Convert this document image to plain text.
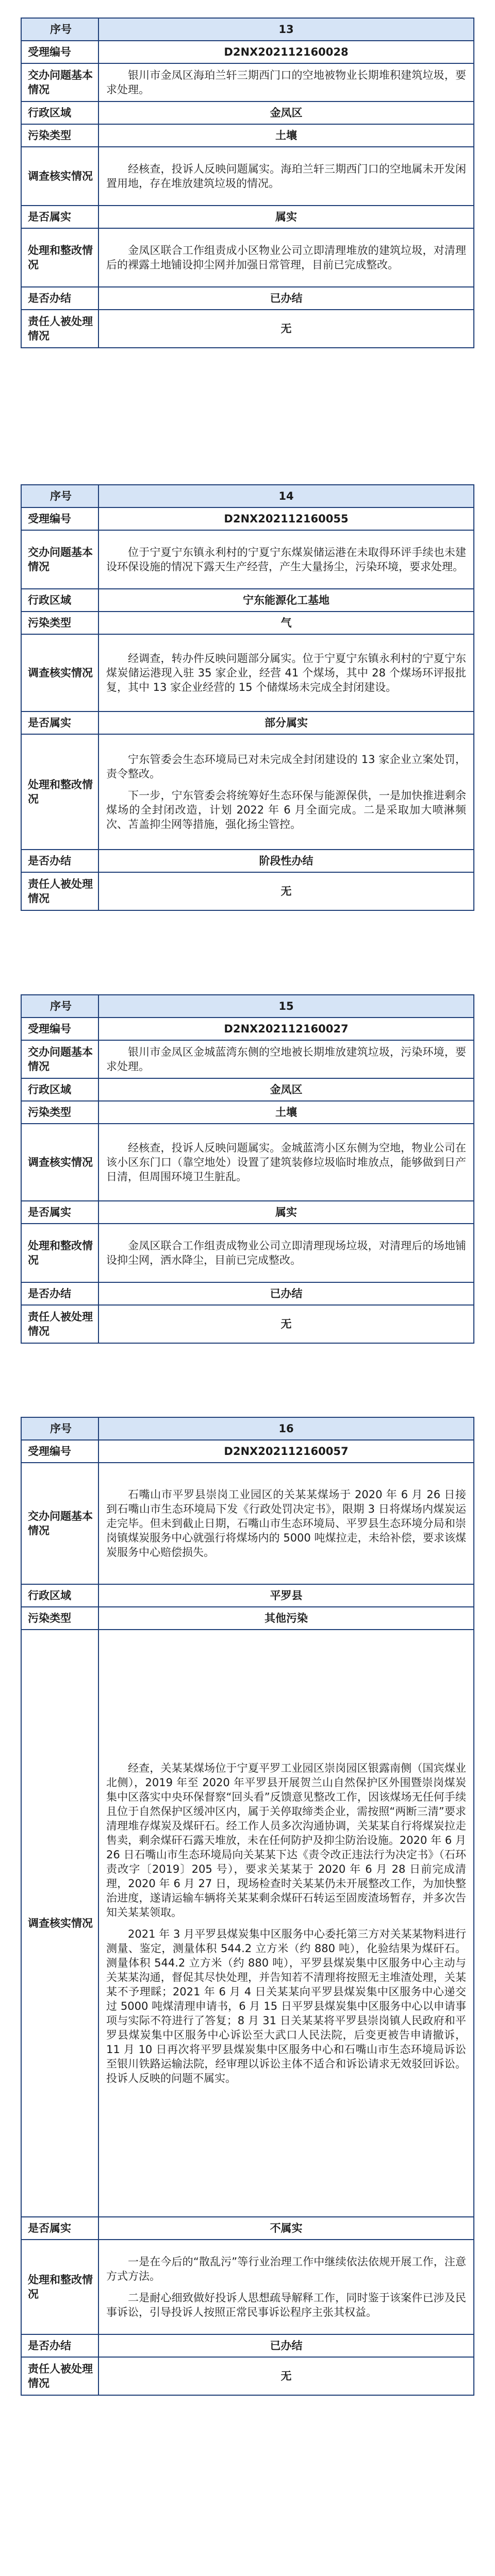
序号	13
受理编号	D2NX202112160028
交办问题基本情况	银川市金凤区海珀兰轩三期西门口的空地被物业长期堆积建筑垃圾，要求处理。
行政区域	金凤区
污染类型	土壤
调查核实情况	经核查，投诉人反映问题属实。海珀兰轩三期西门口的空地属未开发闲置用地，存在堆放建筑垃圾的情况。
是否属实	属实
处理和整改情况	金凤区联合工作组责成小区物业公司立即清理堆放的建筑垃圾，对清理后的裸露土地铺设抑尘网并加强日常管理，目前已完成整改。
是否办结	已办结
责任人被处理情况	无
序号	14
受理编号	D2NX202112160055
交办问题基本情况	位于宁夏宁东镇永利村的宁夏宁东煤炭储运港在未取得环评手续也未建设环保设施的情况下露天生产经营，产生大量扬尘，污染环境，要求处理。
行政区域	宁东能源化工基地
污染类型	气
调查核实情况	经调查，转办件反映问题部分属实。位于宁夏宁东镇永利村的宁夏宁东煤炭储运港现入驻 35 家企业，经营 41 个煤场，其中 28 个煤场环评报批复，其中 13 家企业经营的 15 个储煤场未完成全封闭建设。
是否属实	部分属实
处理和整改情况	宁东管委会生态环境局已对未完成全封闭建设的 13 家企业立案处罚，责令整改。

下一步，宁东管委会将统筹好生态环保与能源保供，一是加快推进剩余煤场的全封闭改造，计划 2022 年 6 月全面完成。二是采取加大喷淋频次、苫盖抑尘网等措施，强化扬尘管控。

是否办结	阶段性办结
责任人被处理情况	无
序号	15
受理编号	D2NX202112160027
交办问题基本情况	银川市金凤区金城蓝湾东侧的空地被长期堆放建筑垃圾，污染环境，要求处理。
行政区域	金凤区
污染类型	土壤
调查核实情况	经核查，投诉人反映问题属实。金城蓝湾小区东侧为空地，物业公司在该小区东门口（靠空地处）设置了建筑装修垃圾临时堆放点，能够做到日产日清，但周围环境卫生脏乱。
是否属实	属实
处理和整改情况	金凤区联合工作组责成物业公司立即清理现场垃圾，对清理后的场地铺设抑尘网，洒水降尘，目前已完成整改。
是否办结	已办结
责任人被处理情况	无
序号	16
受理编号	D2NX202112160057
交办问题基本情况	石嘴山市平罗县崇岗工业园区的关某某煤场于 2020 年 6 月 26 日接到石嘴山市生态环境局下发《行政处罚决定书》，限期 3 日将煤场内煤炭运走完毕。但未到截止日期，石嘴山市生态环境局、平罗县生态环境分局和崇岗镇煤炭服务中心就强行将煤场内的 5000 吨煤拉走，未给补偿，要求该煤炭服务中心赔偿损失。
行政区域	平罗县
污染类型	其他污染
调查核实情况	经查，关某某煤场位于宁夏平罗工业园区崇岗园区银露南侧（国宾煤业北侧），2019 年至 2020 年平罗县开展贺兰山自然保护区外围暨崇岗煤炭集中区落实中央环保督察“回头看”反馈意见整改工作，因该煤场无任何手续且位于自然保护区缓冲区内，属于关停取缔类企业，需按照“两断三清”要求清理堆存煤炭及煤矸石。经工作人员多次沟通协调，关某某自行将煤炭拉走售卖，剩余煤矸石露天堆放，未在任何防护及抑尘防治设施。2020 年 6 月 26 日石嘴山市生态环境局向关某某下达《责令改正违法行为决定书》（石环责改字〔2019〕205 号），要求关某某于 2020 年 6 月 28 日前完成清理，2020 年 6 月 27 日，现场检查时关某某仍未开展整改工作，为加快整治进度，遂请运输车辆将关某某剩余煤矸石转运至固废渣场暂存，并多次告知关某某领取。

2021 年 3 月平罗县煤炭集中区服务中心委托第三方对关某某物料进行测量、鉴定，测量体积 544.2 立方米（约 880 吨），化验结果为煤矸石。测量体积 544.2 立方米（约 880 吨），平罗县煤炭集中区服务中心主动与关某某沟通，督促其尽快处理，并告知若不清理将按照无主堆渣处理，关某某不予理睬；2021 年 6 月 4 日关某某向平罗县煤炭集中区服务中心递交过 5000 吨煤清理申请书，6 月 15 日平罗县煤炭集中区服务中心以申请事项与实际不符进行了答复；8 月 31 日关某某将平罗县崇岗镇人民政府和平罗县煤炭集中区服务中心诉讼至大武口人民法院，后变更被告申请撤诉，11 月 10 日再次将平罗县煤炭集中区服务中心和石嘴山市生态环境局诉讼至银川铁路运输法院，经审理以诉讼主体不适合和诉讼请求无效驳回诉讼。投诉人反映的问题不属实。

是否属实	不属实
处理和整改情况	一是在今后的“散乱污”等行业治理工作中继续依法依规开展工作，注意方式方法。

二是耐心细致做好投诉人思想疏导解释工作，同时鉴于该案件已涉及民事诉讼，引导投诉人按照正常民事诉讼程序主张其权益。

是否办结	已办结
责任人被处理情况	无
